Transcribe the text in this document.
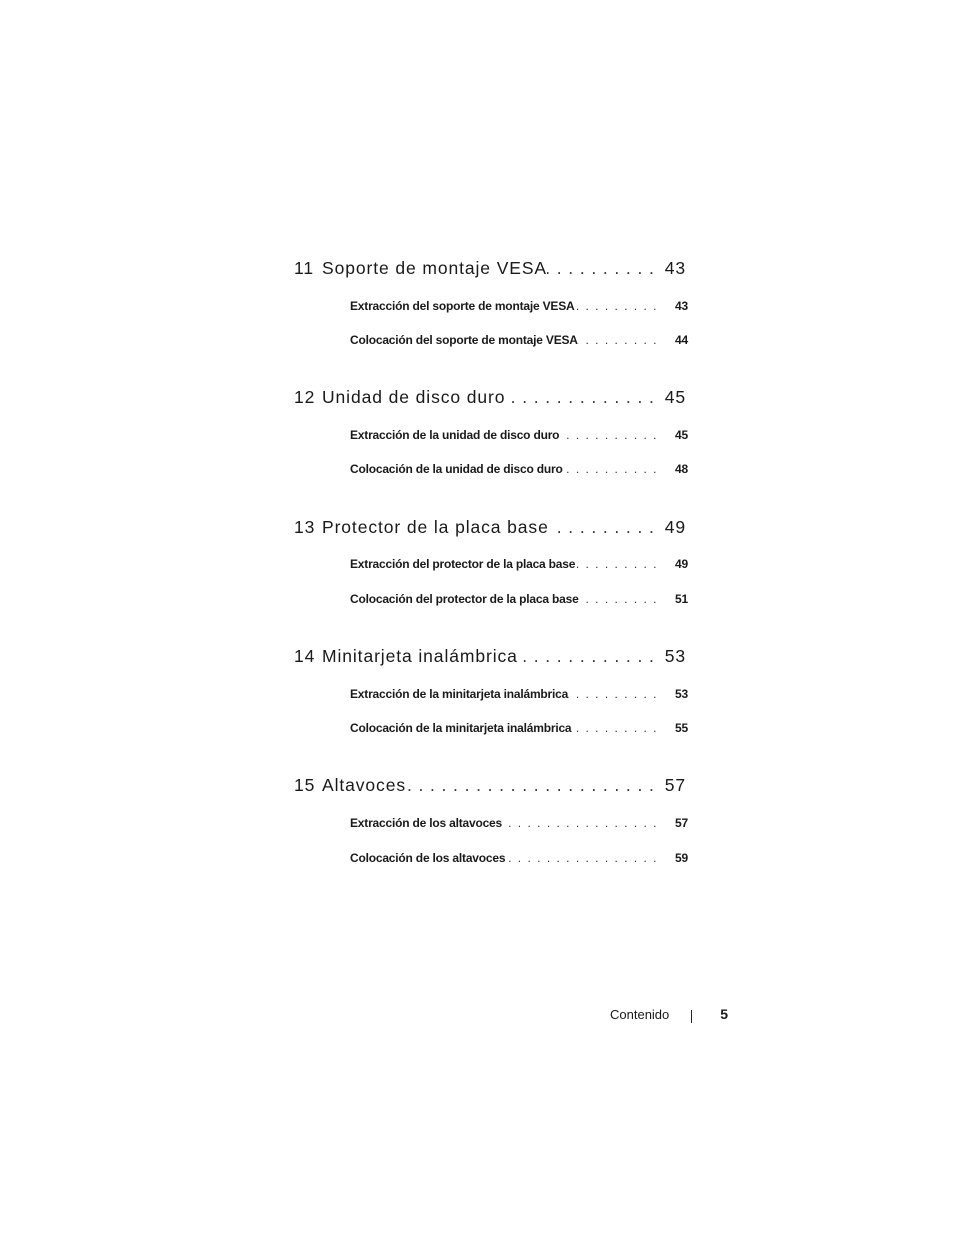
11 Soporte de montaje VESA . . .	43
Extracción del soporte de montaje VESA . . .	43
Colocación del soporte de montaje VESA . . .	44
12 Unidad de disco duro . . .	45
Extracción de la unidad de disco duro . . .	45
Colocación de la unidad de disco duro . . .	48
13 Protector de la placa base . . .	49
Extracción del protector de la placa base . . .	49
Colocación del protector de la placa base . . .	51
14 Minitarjeta inalámbrica . . .	53
Extracción de la minitarjeta inalámbrica . . .	53
Colocación de la minitarjeta inalámbrica . . .	55
15 Altavoces . . .	57
Extracción de los altavoces . . .	57
Colocación de los altavoces . . .	59
Contenido	5
